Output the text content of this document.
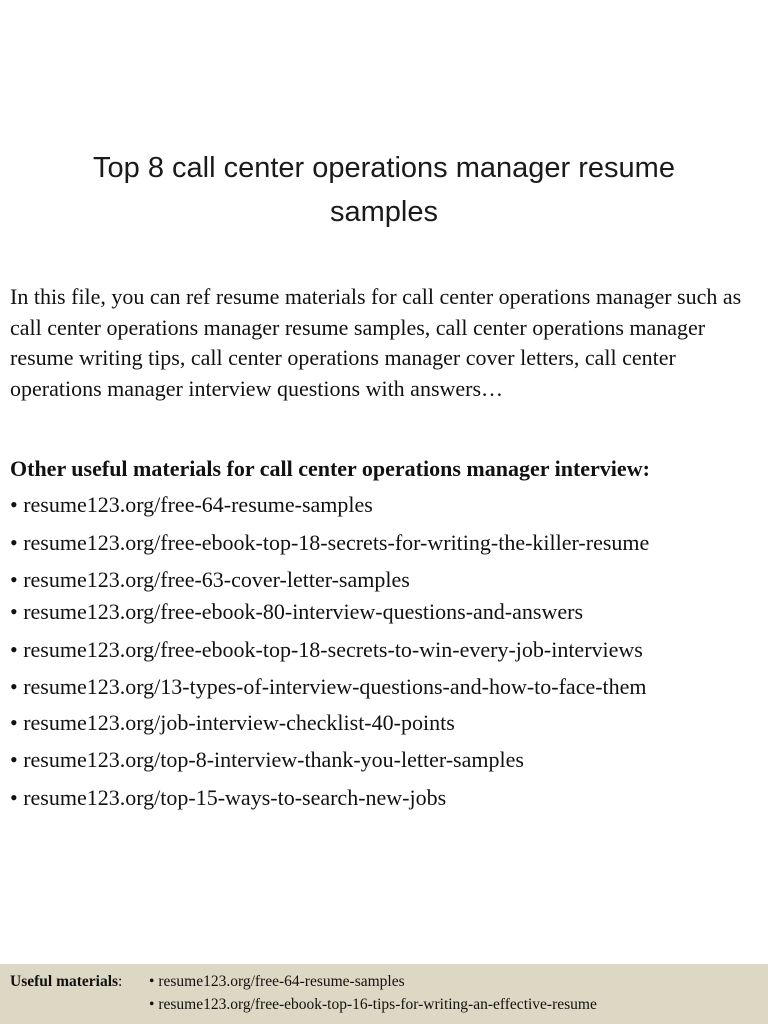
Top 8 call center operations manager resume samples

In this file, you can ref resume materials for call center operations manager such as call center operations manager resume samples, call center operations manager resume writing tips, call center operations manager cover letters, call center operations manager interview questions with answers…

Other useful materials for call center operations manager interview:

• resume123.org/free-64-resume-samples
• resume123.org/free-ebook-top-18-secrets-for-writing-the-killer-resume
• resume123.org/free-63-cover-letter-samples
• resume123.org/free-ebook-80-interview-questions-and-answers
• resume123.org/free-ebook-top-18-secrets-to-win-every-job-interviews
• resume123.org/13-types-of-interview-questions-and-how-to-face-them
• resume123.org/job-interview-checklist-40-points
• resume123.org/top-8-interview-thank-you-letter-samples
• resume123.org/top-15-ways-to-search-new-jobs
Useful materials: • resume123.org/free-64-resume-samples
• resume123.org/free-ebook-top-16-tips-for-writing-an-effective-resume
